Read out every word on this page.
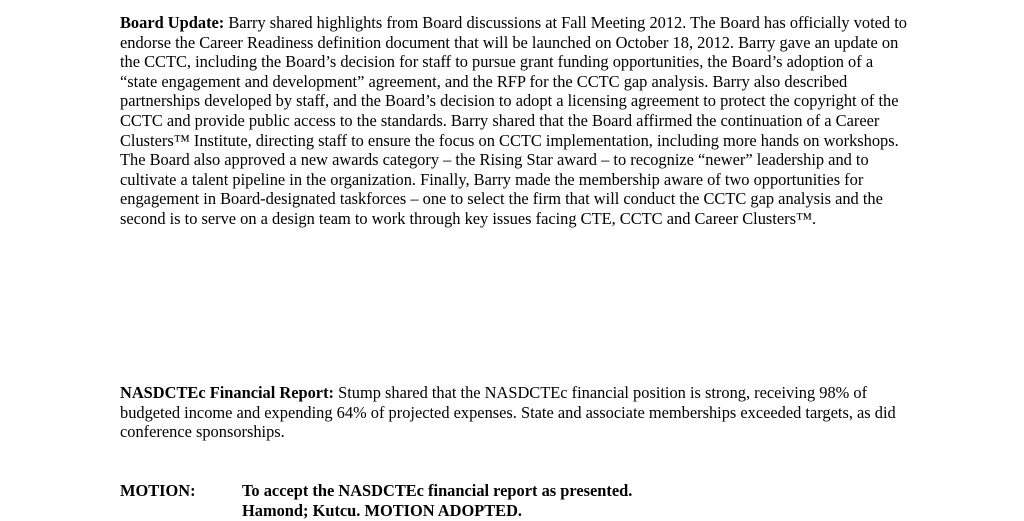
Board Update: Barry shared highlights from Board discussions at Fall Meeting 2012. The Board has officially voted to endorse the Career Readiness definition document that will be launched on October 18, 2012. Barry gave an update on the CCTC, including the Board’s decision for staff to pursue grant funding opportunities, the Board’s adoption of a “state engagement and development” agreement, and the RFP for the CCTC gap analysis. Barry also described partnerships developed by staff, and the Board’s decision to adopt a licensing agreement to protect the copyright of the CCTC and provide public access to the standards. Barry shared that the Board affirmed the continuation of a Career Clusters™ Institute, directing staff to ensure the focus on CCTC implementation, including more hands on workshops. The Board also approved a new awards category – the Rising Star award – to recognize “newer” leadership and to cultivate a talent pipeline in the organization. Finally, Barry made the membership aware of two opportunities for engagement in Board-designated taskforces – one to select the firm that will conduct the CCTC gap analysis and the second is to serve on a design team to work through key issues facing CTE, CCTC and Career Clusters™.

NASDCTEc Financial Report: Stump shared that the NASDCTEc financial position is strong, receiving 98% of budgeted income and expending 64% of projected expenses. State and associate memberships exceeded targets, as did conference sponsorships.

MOTION:	To accept the NASDCTEc financial report as presented.
Hamond; Kutcu. MOTION ADOPTED.
